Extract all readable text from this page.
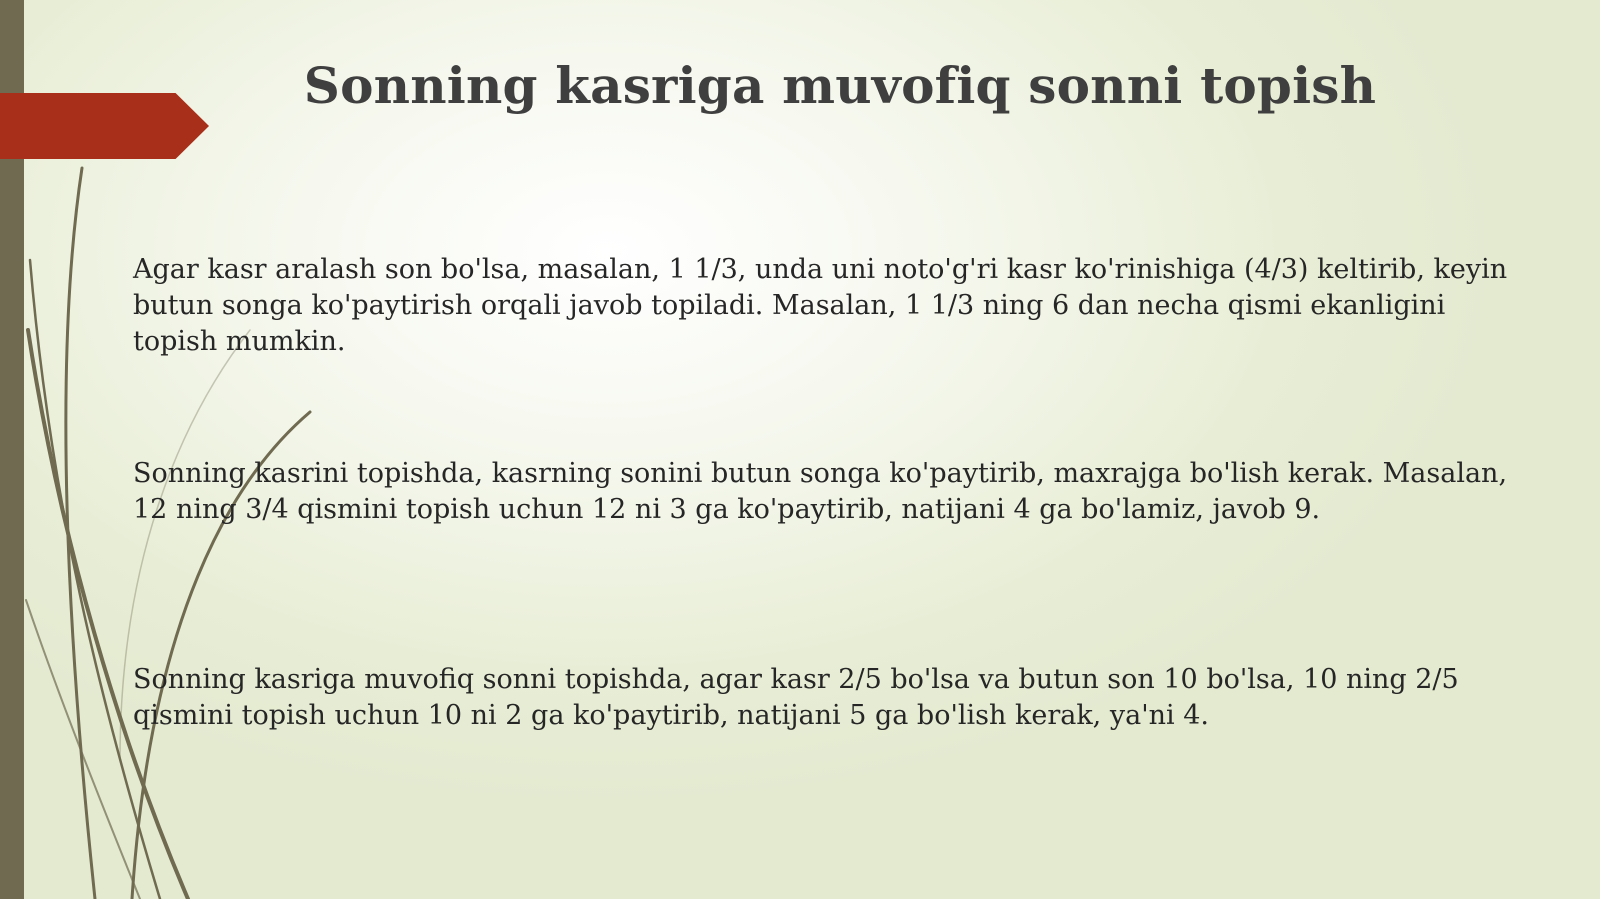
Sonning kasriga muvofiq sonni topish

Agar kasr aralash son bo'lsa, masalan, 1 1/3, unda uni noto'g'ri kasr ko'rinishiga (4/3) keltirib, keyin butun songa ko'paytirish orqali javob topiladi. Masalan, 1 1/3 ning 6 dan necha qismi ekanligini topish mumkin.

Sonning kasrini topishda, kasrning sonini butun songa ko'paytirib, maxrajga bo'lish kerak. Masalan, 12 ning 3/4 qismini topish uchun 12 ni 3 ga ko'paytirib, natijani 4 ga bo'lamiz, javob 9.

Sonning kasriga muvofiq sonni topishda, agar kasr 2/5 bo'lsa va butun son 10 bo'lsa, 10 ning 2/5 qismini topish uchun 10 ni 2 ga ko'paytirib, natijani 5 ga bo'lish kerak, ya'ni 4.
